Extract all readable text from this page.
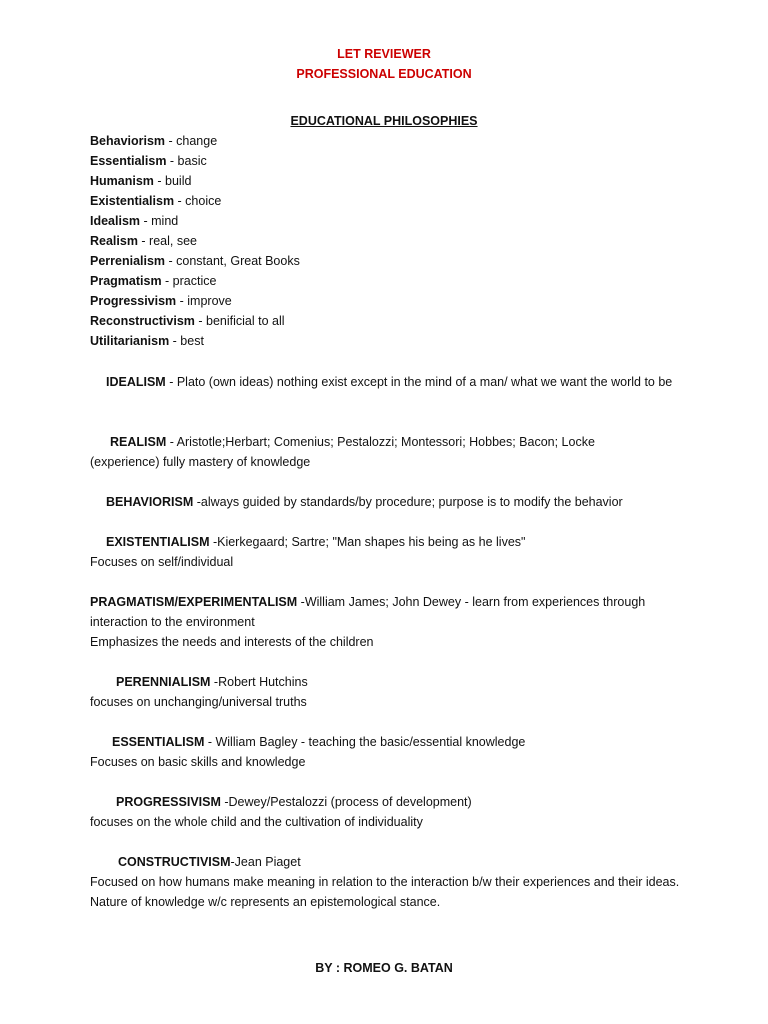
LET REVIEWER
PROFESSIONAL EDUCATION
EDUCATIONAL PHILOSOPHIES
Behaviorism - change
Essentialism - basic
Humanism - build
Existentialism - choice
Idealism - mind
Realism - real, see
Perrenialism - constant, Great Books
Pragmatism - practice
Progressivism - improve
Reconstructivism - benificial to all
Utilitarianism - best
IDEALISM - Plato (own ideas) nothing exist except in the mind of a man/ what we want the world to be
REALISM - Aristotle;Herbart; Comenius; Pestalozzi; Montessori; Hobbes; Bacon; Locke
(experience) fully mastery of knowledge
BEHAVIORISM -always guided by standards/by procedure; purpose is to modify the behavior
EXISTENTIALISM -Kierkegaard; Sartre; "Man shapes his being as he lives"
Focuses on self/individual
PRAGMATISM/EXPERIMENTALISM -William James; John Dewey - learn from experiences through interaction to the environment
Emphasizes the needs and interests of the children
PERENNIALISM -Robert Hutchins
focuses on unchanging/universal truths
ESSENTIALISM - William Bagley - teaching the basic/essential knowledge
Focuses on basic skills and knowledge
PROGRESSIVISM -Dewey/Pestalozzi (process of development)
focuses on the whole child and the cultivation of individuality
CONSTRUCTIVISM-Jean Piaget
Focused on how humans make meaning in relation to the interaction b/w their experiences and their ideas. Nature of knowledge w/c represents an epistemological stance.
BY : ROMEO G. BATAN
